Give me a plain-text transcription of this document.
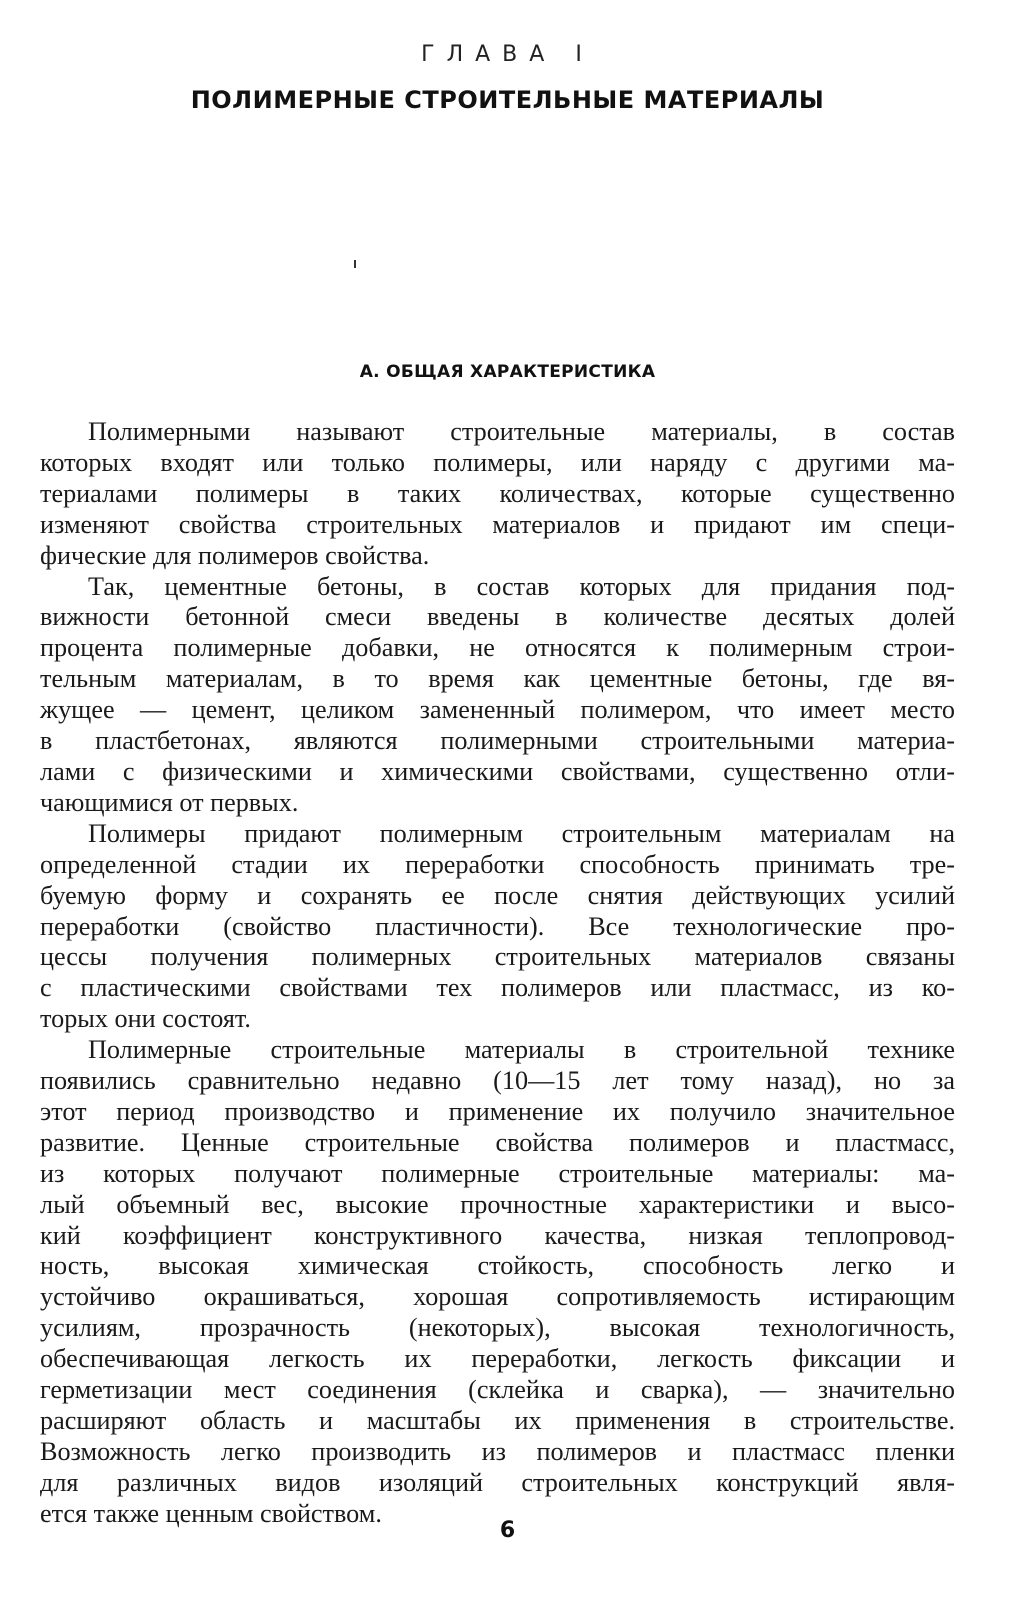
ГЛАВА I
ПОЛИМЕРНЫЕ СТРОИТЕЛЬНЫЕ МАТЕРИАЛЫ
А. ОБЩАЯ ХАРАКТЕРИСТИКА
Полимерными называют строительные материалы, в состав
которых входят или только полимеры, или наряду с другими ма-
териалами полимеры в таких количествах, которые существенно
изменяют свойства строительных материалов и придают им специ-
фические для полимеров свойства.
Так, цементные бетоны, в состав которых для придания под-
вижности бетонной смеси введены в количестве десятых долей
процента полимерные добавки, не относятся к полимерным строи-
тельным материалам, в то время как цементные бетоны, где вя-
жущее — цемент, целиком замененный полимером, что имеет место
в пластбетонах, являются полимерными строительными материа-
лами с физическими и химическими свойствами, существенно отли-
чающимися от первых.
Полимеры придают полимерным строительным материалам на
определенной стадии их переработки способность принимать тре-
буемую форму и сохранять ее после снятия действующих усилий
переработки (свойство пластичности). Все технологические про-
цессы получения полимерных строительных материалов связаны
с пластическими свойствами тех полимеров или пластмасс, из ко-
торых они состоят.
Полимерные строительные материалы в строительной технике
появились сравнительно недавно (10—15 лет тому назад), но за
этот период производство и применение их получило значительное
развитие. Ценные строительные свойства полимеров и пластмасс,
из которых получают полимерные строительные материалы: ма-
лый объемный вес, высокие прочностные характеристики и высо-
кий коэффициент конструктивного качества, низкая теплопровод-
ность, высокая химическая стойкость, способность легко и
устойчиво окрашиваться, хорошая сопротивляемость истирающим
усилиям, прозрачность (некоторых), высокая технологичность,
обеспечивающая легкость их переработки, легкость фиксации и
герметизации мест соединения (склейка и сварка), — значительно
расширяют область и масштабы их применения в строительстве.
Возможность легко производить из полимеров и пластмасс пленки
для различных видов изоляций строительных конструкций явля-
ется также ценным свойством.
6
